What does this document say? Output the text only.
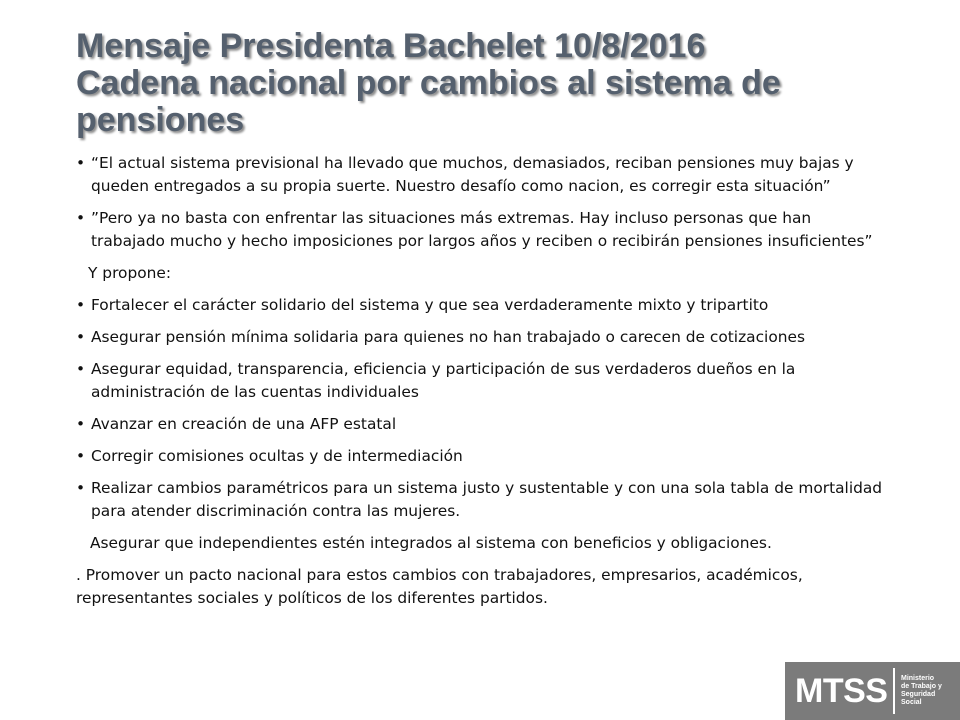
Mensaje Presidenta Bachelet 10/8/2016
Cadena nacional por cambios al sistema de
pensiones
• “El actual sistema previsional ha llevado que muchos, demasiados, reciban pensiones muy bajas y queden entregados a su propia suerte. Nuestro desafío como nacion, es corregir esta situación”
• ”Pero ya no basta con enfrentar las situaciones más extremas. Hay incluso personas que han trabajado mucho y hecho imposiciones por largos años y reciben o recibirán pensiones insuficientes”
Y propone:
• Fortalecer el carácter solidario del sistema y que sea verdaderamente mixto y tripartito
• Asegurar pensión mínima solidaria para quienes no han trabajado o carecen de cotizaciones
• Asegurar equidad, transparencia, eficiencia y participación de sus verdaderos dueños en la administración de las cuentas individuales
• Avanzar en creación de una AFP estatal
• Corregir comisiones ocultas y de intermediación
• Realizar cambios paramétricos para un sistema justo y sustentable y con una sola tabla de mortalidad para atender discriminación contra las mujeres.
Asegurar que independientes estén integrados al sistema con beneficios y obligaciones.
. Promover un pacto nacional para estos cambios con trabajadores, empresarios, académicos, representantes sociales y políticos de los diferentes partidos.
MTSS	Ministerio
de Trabajo y
Seguridad
Social
